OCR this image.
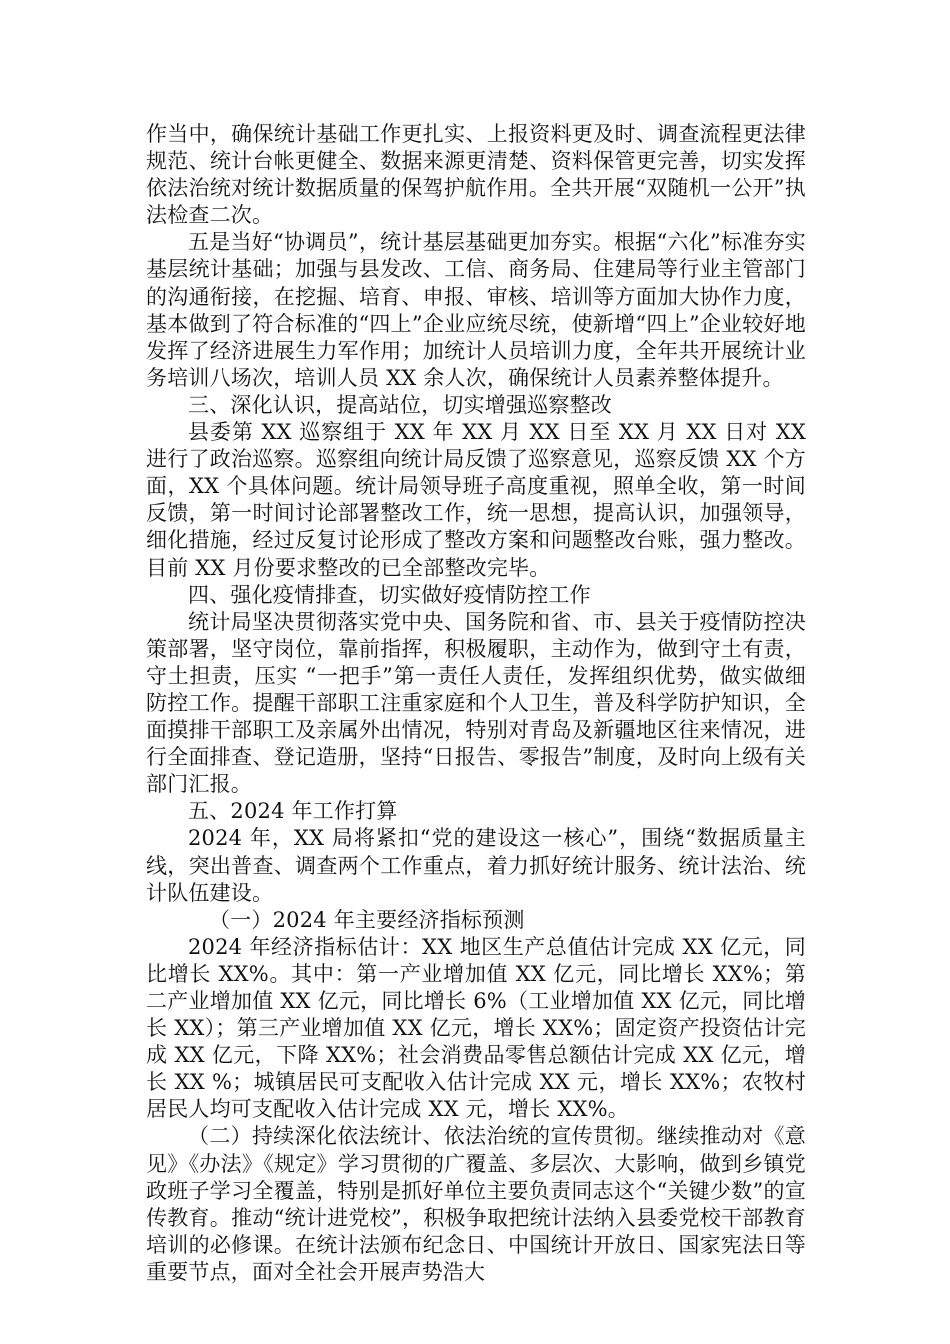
作当中，确保统计基础工作更扎实、上报资料更及时、调查流程更法律规范、统计台帐更健全、数据来源更清楚、资料保管更完善，切实发挥依法治统对统计数据质量的保驾护航作用。全共开展“双随机一公开”执法检查二次。

五是当好“协调员”，统计基层基础更加夯实。根据“六化”标准夯实基层统计基础；加强与县发改、工信、商务局、住建局等行业主管部门的沟通衔接，在挖掘、培育、申报、审核、培训等方面加大协作力度，基本做到了符合标准的“四上”企业应统尽统，使新增“四上”企业较好地发挥了经济进展生力军作用；加统计人员培训力度，全年共开展统计业务培训八场次，培训人员 XX 余人次，确保统计人员素养整体提升。

三、深化认识，提高站位，切实增强巡察整改

县委第 XX 巡察组于 XX 年 XX 月 XX 日至 XX 月 XX 日对 XX 进行了政治巡察。巡察组向统计局反馈了巡察意见，巡察反馈 XX 个方面，XX 个具体问题。统计局领导班子高度重视，照单全收，第一时间反馈，第一时间讨论部署整改工作，统一思想，提高认识，加强领导，细化措施，经过反复讨论形成了整改方案和问题整改台账，强力整改。目前 XX 月份要求整改的已全部整改完毕。

四、强化疫情排查，切实做好疫情防控工作

统计局坚决贯彻落实党中央、国务院和省、市、县关于疫情防控决策部署，坚守岗位，靠前指挥，积极履职，主动作为，做到守土有责，守土担责，压实 “一把手”第一责任人责任，发挥组织优势，做实做细防控工作。提醒干部职工注重家庭和个人卫生，普及科学防护知识，全面摸排干部职工及亲属外出情况，特别对青岛及新疆地区往来情况，进行全面排查、登记造册，坚持“日报告、零报告”制度，及时向上级有关部门汇报。

五、2024 年工作打算

2024 年，XX 局将紧扣“党的建设这一核心”，围绕“数据质量主线，突出普查、调查两个工作重点，着力抓好统计服务、统计法治、统计队伍建设。

（一）2024 年主要经济指标预测

2024 年经济指标估计：XX 地区生产总值估计完成 XX 亿元，同比增长 XX%。其中：第一产业增加值 XX 亿元，同比增长 XX%；第二产业增加值 XX 亿元，同比增长 6%（工业增加值 XX 亿元，同比增长 XX）；第三产业增加值 XX 亿元，增长 XX%；固定资产投资估计完成 XX 亿元，下降 XX%；社会消费品零售总额估计完成 XX 亿元，增长 XX %；城镇居民可支配收入估计完成 XX 元，增长 XX%；农牧村居民人均可支配收入估计完成 XX 元，增长 XX%。

（二）持续深化依法统计、依法治统的宣传贯彻。继续推动对《意见》《办法》《规定》学习贯彻的广覆盖、多层次、大影响，做到乡镇党政班子学习全覆盖，特别是抓好单位主要负责同志这个“关键少数”的宣传教育。推动“统计进党校”，积极争取把统计法纳入县委党校干部教育培训的必修课。在统计法颁布纪念日、中国统计开放日、国家宪法日等重要节点，面对全社会开展声势浩大
